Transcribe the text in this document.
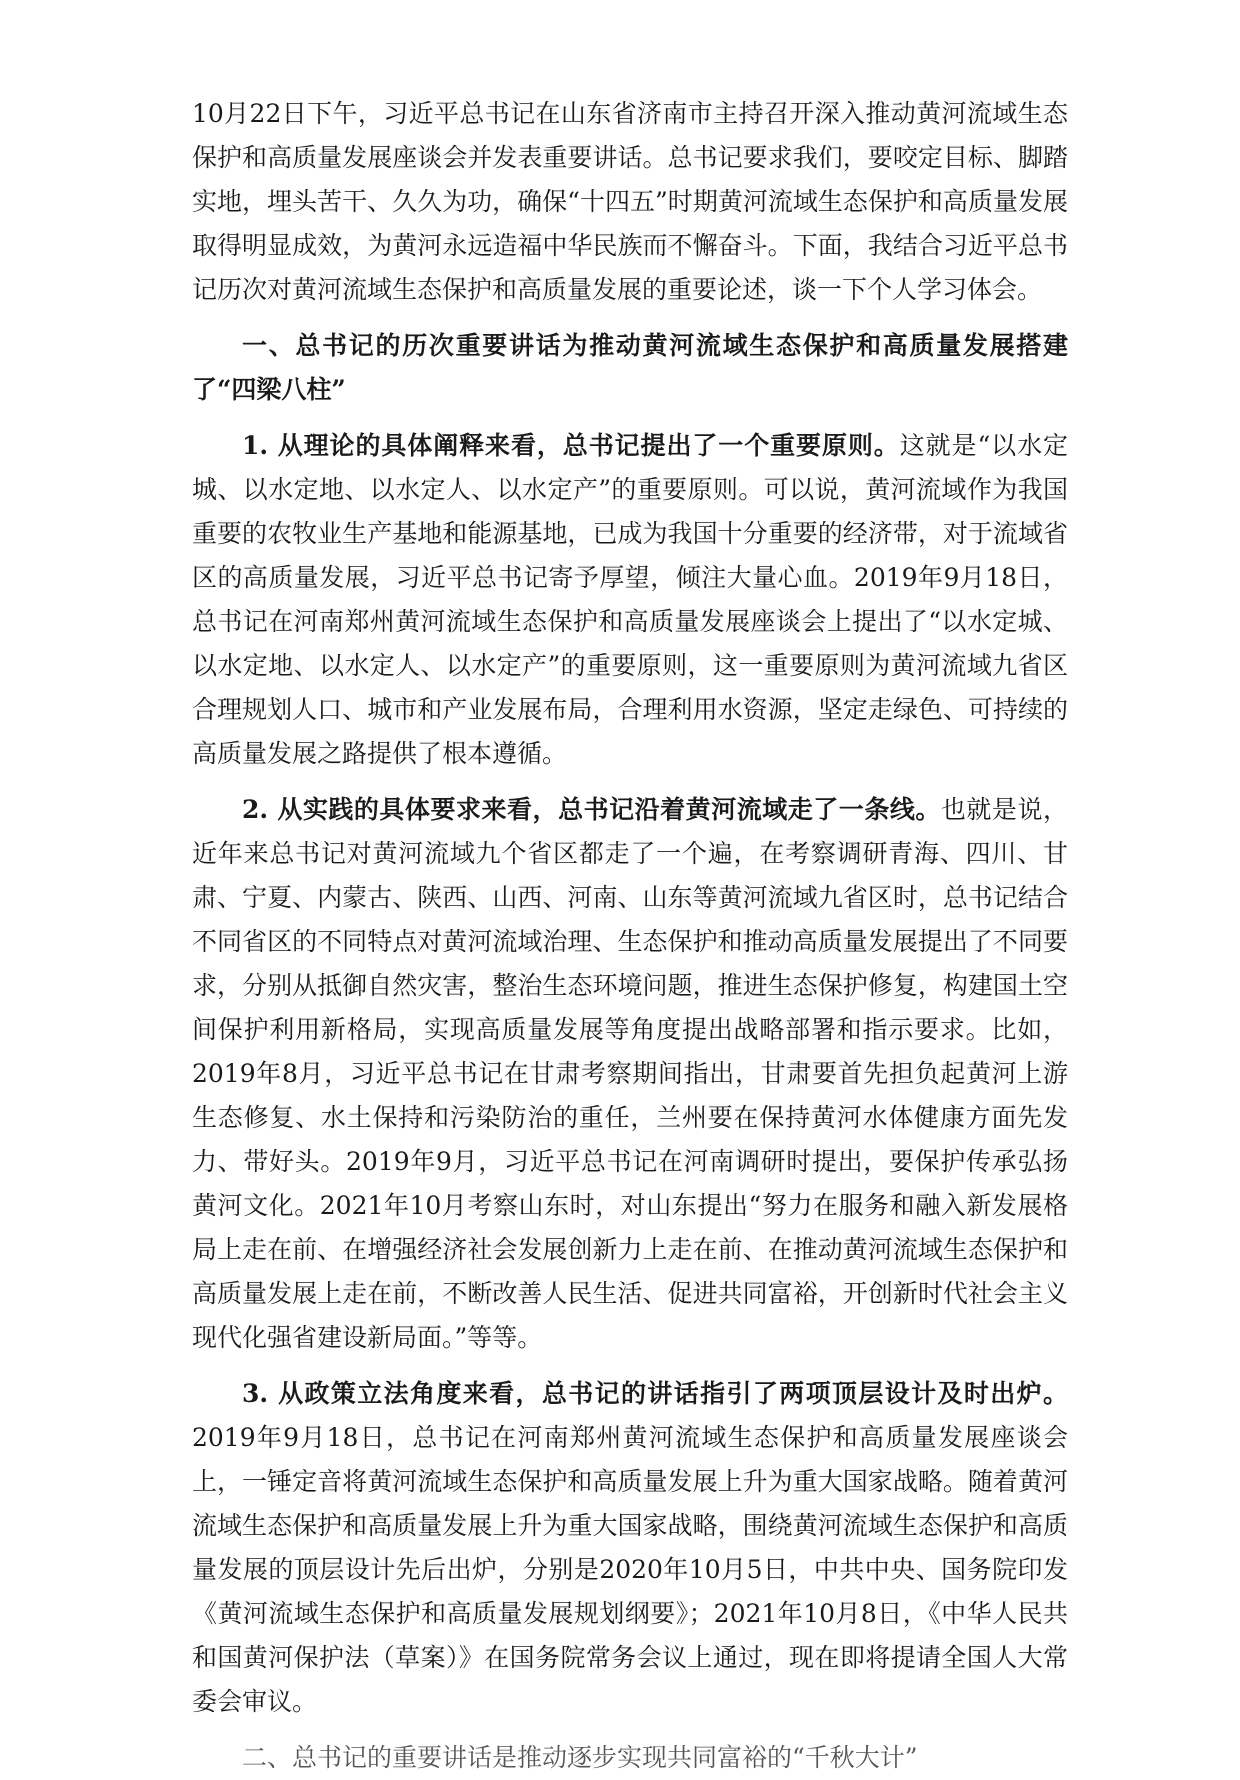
10月22日下午，习近平总书记在山东省济南市主持召开深入推动黄河流域生态保护和高质量发展座谈会并发表重要讲话。总书记要求我们，要咬定目标、脚踏实地，埋头苦干、久久为功，确保“十四五”时期黄河流域生态保护和高质量发展取得明显成效，为黄河永远造福中华民族而不懈奋斗。下面，我结合习近平总书记历次对黄河流域生态保护和高质量发展的重要论述，谈一下个人学习体会。

一、总书记的历次重要讲话为推动黄河流域生态保护和高质量发展搭建了“四梁八柱”

1. 从理论的具体阐释来看，总书记提出了一个重要原则。这就是“以水定城、以水定地、以水定人、以水定产”的重要原则。可以说，黄河流域作为我国重要的农牧业生产基地和能源基地，已成为我国十分重要的经济带，对于流域省区的高质量发展，习近平总书记寄予厚望，倾注大量心血。2019年9月18日，总书记在河南郑州黄河流域生态保护和高质量发展座谈会上提出了“以水定城、以水定地、以水定人、以水定产”的重要原则，这一重要原则为黄河流域九省区合理规划人口、城市和产业发展布局，合理利用水资源，坚定走绿色、可持续的高质量发展之路提供了根本遵循。

2. 从实践的具体要求来看，总书记沿着黄河流域走了一条线。也就是说，近年来总书记对黄河流域九个省区都走了一个遍，在考察调研青海、四川、甘肃、宁夏、内蒙古、陕西、山西、河南、山东等黄河流域九省区时，总书记结合不同省区的不同特点对黄河流域治理、生态保护和推动高质量发展提出了不同要求，分别从抵御自然灾害，整治生态环境问题，推进生态保护修复，构建国土空间保护利用新格局，实现高质量发展等角度提出战略部署和指示要求。比如，2019年8月，习近平总书记在甘肃考察期间指出，甘肃要首先担负起黄河上游生态修复、水土保持和污染防治的重任，兰州要在保持黄河水体健康方面先发力、带好头。2019年9月，习近平总书记在河南调研时提出，要保护传承弘扬黄河文化。2021年10月考察山东时，对山东提出“努力在服务和融入新发展格局上走在前、在增强经济社会发展创新力上走在前、在推动黄河流域生态保护和高质量发展上走在前，不断改善人民生活、促进共同富裕，开创新时代社会主义现代化强省建设新局面。”等等。

3. 从政策立法角度来看，总书记的讲话指引了两项顶层设计及时出炉。2019年9月18日，总书记在河南郑州黄河流域生态保护和高质量发展座谈会上，一锤定音将黄河流域生态保护和高质量发展上升为重大国家战略。随着黄河流域生态保护和高质量发展上升为重大国家战略，围绕黄河流域生态保护和高质量发展的顶层设计先后出炉，分别是2020年10月5日，中共中央、国务院印发《黄河流域生态保护和高质量发展规划纲要》；2021年10月8日，《中华人民共和国黄河保护法（草案）》在国务院常务会议上通过，现在即将提请全国人大常委会审议。

二、总书记的重要讲话是推动逐步实现共同富裕的“千秋大计”
